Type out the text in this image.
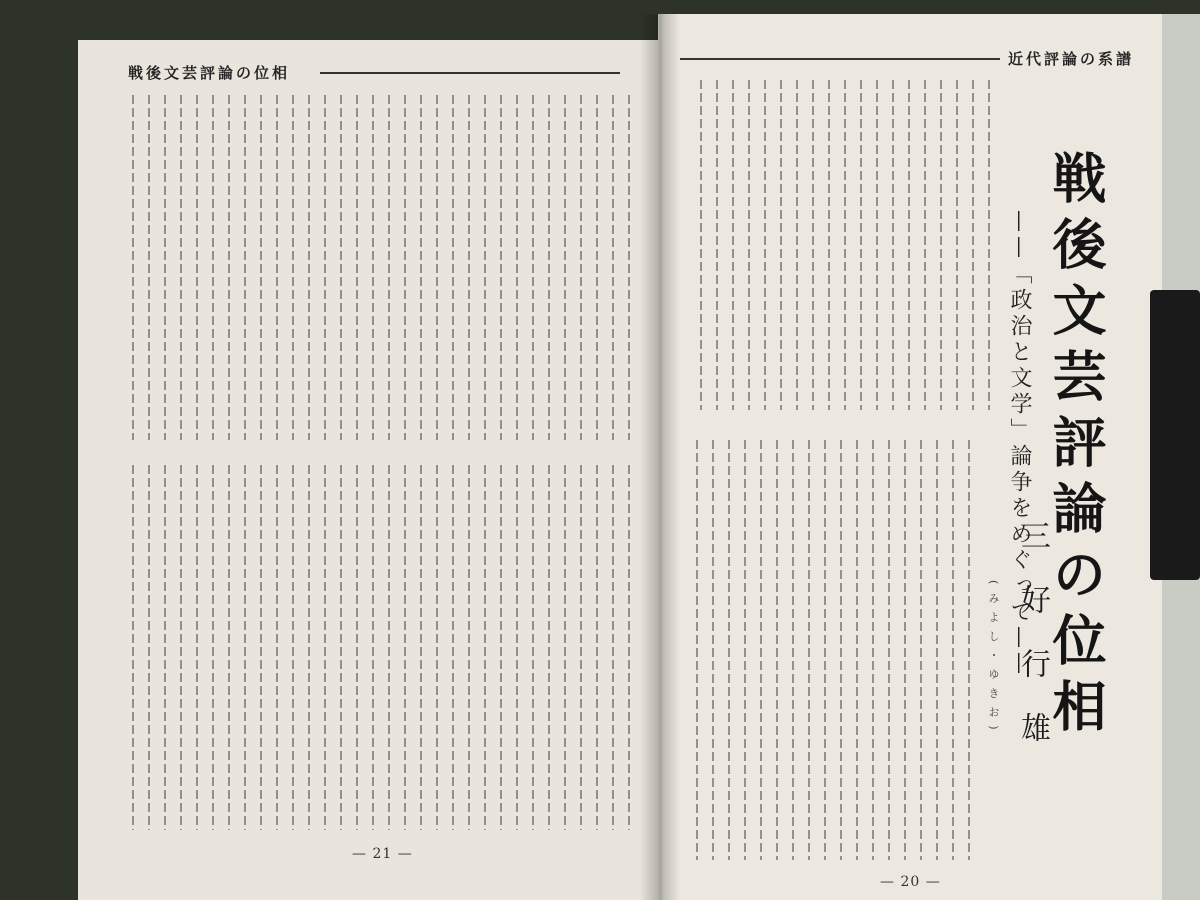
戦後文芸評論の位相
近代評論の系譜
戦後文芸評論の位相
——「政治と文学」論争をめぐって——
三好行雄
(みよし・ゆきお)
— 21 —
— 20 —
